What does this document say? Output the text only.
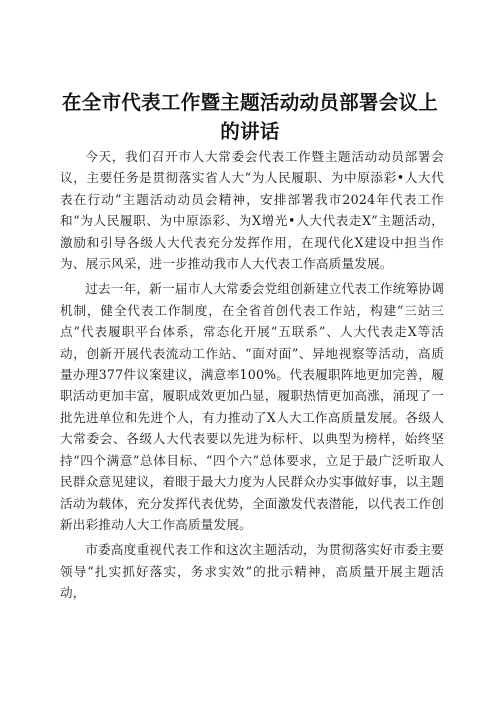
在全市代表工作暨主题活动动员部署会议上的讲话

今天，我们召开市人大常委会代表工作暨主题活动动员部署会议，主要任务是贯彻落实省人大“为人民履职、为中原添彩•人大代表在行动”主题活动动员会精神，安排部署我市2024年代表工作和“为人民履职、为中原添彩、为X增光•人大代表走X”主题活动，激励和引导各级人大代表充分发挥作用，在现代化X建设中担当作为、展示风采，进一步推动我市人大代表工作高质量发展。

过去一年，新一届市人大常委会党组创新建立代表工作统筹协调机制，健全代表工作制度，在全省首创代表工作站，构建“三站三点”代表履职平台体系，常态化开展“五联系”、人大代表走X等活动，创新开展代表流动工作站、“面对面”、异地视察等活动，高质量办理377件议案建议，满意率100%。代表履职阵地更加完善，履职活动更加丰富，履职成效更加凸显，履职热情更加高涨，涌现了一批先进单位和先进个人，有力推动了X人大工作高质量发展。各级人大常委会、各级人大代表要以先进为标杆、以典型为榜样，始终坚持“四个满意”总体目标、“四个六”总体要求，立足于最广泛听取人民群众意见建议，着眼于最大力度为人民群众办实事做好事，以主题活动为载体，充分发挥代表优势，全面激发代表潜能，以代表工作创新出彩推动人大工作高质量发展。

市委高度重视代表工作和这次主题活动，为贯彻落实好市委主要领导“扎实抓好落实，务求实效”的批示精神，高质量开展主题活动，
